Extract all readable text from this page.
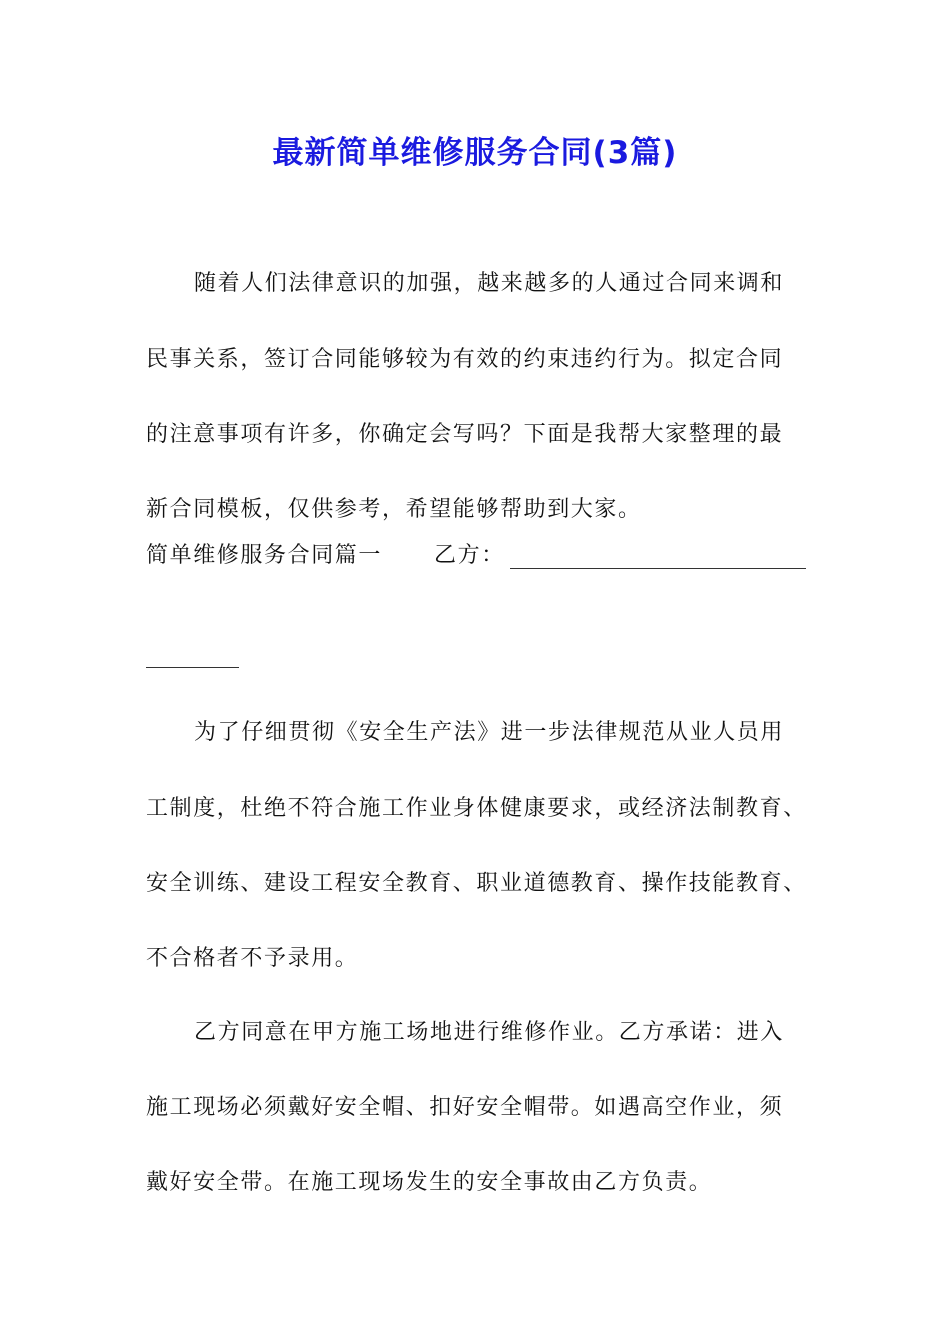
最新简单维修服务合同(3篇)
随着人们法律意识的加强，越来越多的人通过合同来调和
民事关系，签订合同能够较为有效的约束违约行为。拟定合同
的注意事项有许多，你确定会写吗？下面是我帮大家整理的最
新合同模板，仅供参考，希望能够帮助到大家。
简单维修服务合同篇一 乙方：
为了仔细贯彻《安全生产法》进一步法律规范从业人员用
工制度，杜绝不符合施工作业身体健康要求，或经济法制教育、
安全训练、建设工程安全教育、职业道德教育、操作技能教育、
不合格者不予录用。
乙方同意在甲方施工场地进行维修作业。乙方承诺：进入
施工现场必须戴好安全帽、扣好安全帽带。如遇高空作业，须
戴好安全带。在施工现场发生的安全事故由乙方负责。
